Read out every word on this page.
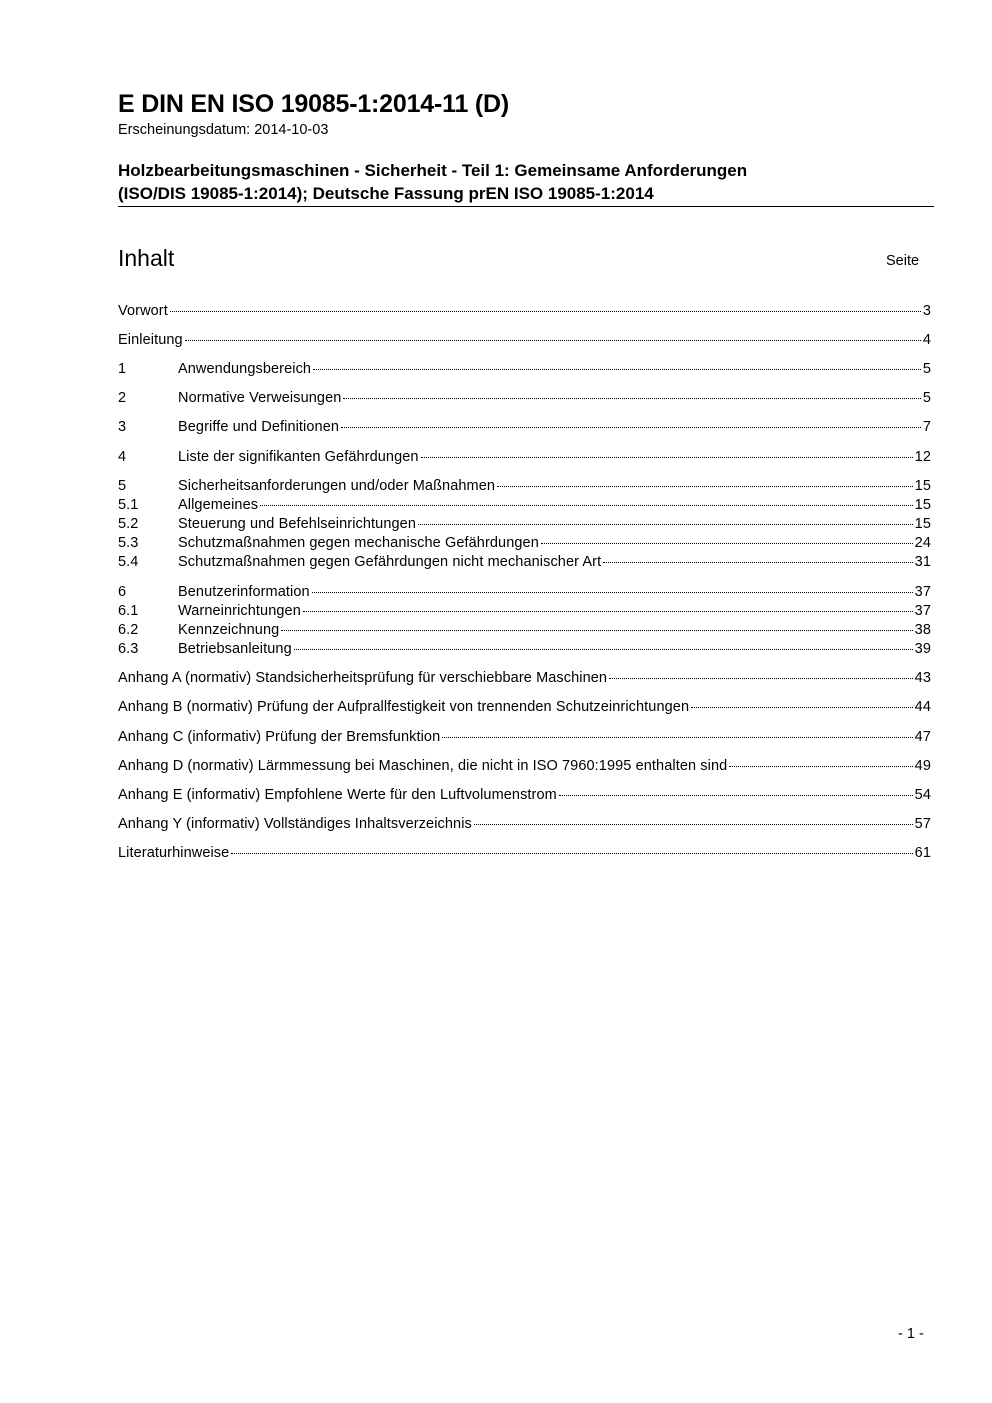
E DIN EN ISO 19085-1:2014-11 (D)
Erscheinungsdatum: 2014-10-03
Holzbearbeitungsmaschinen - Sicherheit - Teil 1: Gemeinsame Anforderungen
(ISO/DIS 19085-1:2014); Deutsche Fassung prEN ISO 19085-1:2014
Inhalt	Seite
Vorwort	3
Einleitung	4
1	Anwendungsbereich	5
2	Normative Verweisungen	5
3	Begriffe und Definitionen	7
4	Liste der signifikanten Gefährdungen	12
5	Sicherheitsanforderungen und/oder Maßnahmen	15
5.1	Allgemeines	15
5.2	Steuerung und Befehlseinrichtungen	15
5.3	Schutzmaßnahmen gegen mechanische Gefährdungen	24
5.4	Schutzmaßnahmen gegen Gefährdungen nicht mechanischer Art	31
6	Benutzerinformation	37
6.1	Warneinrichtungen	37
6.2	Kennzeichnung	38
6.3	Betriebsanleitung	39
Anhang A (normativ) Standsicherheitsprüfung für verschiebbare Maschinen	43
Anhang B (normativ) Prüfung der Aufprallfestigkeit von trennenden Schutzeinrichtungen	44
Anhang C (informativ) Prüfung der Bremsfunktion	47
Anhang D (normativ) Lärmmessung bei Maschinen, die nicht in ISO 7960:1995 enthalten sind	49
Anhang E (informativ) Empfohlene Werte für den Luftvolumenstrom	54
Anhang Y (informativ) Vollständiges Inhaltsverzeichnis	57
Literaturhinweise	61
- 1 -
